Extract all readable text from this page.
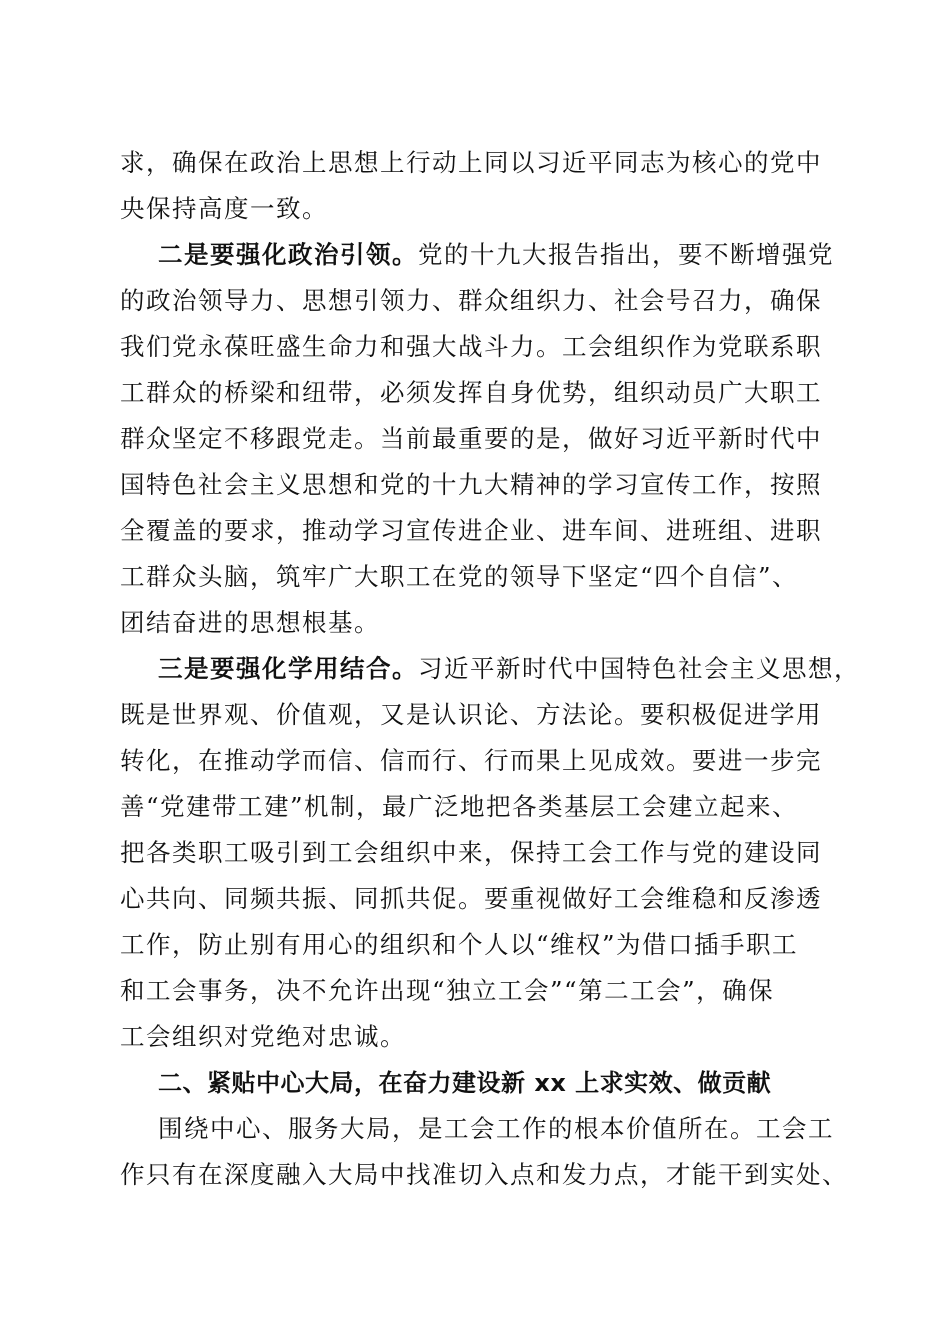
求，确保在政治上思想上行动上同以习近平同志为核心的党中
央保持高度一致。
二是要强化政治引领。党的十九大报告指出，要不断增强党
的政治领导力、思想引领力、群众组织力、社会号召力，确保
我们党永葆旺盛生命力和强大战斗力。工会组织作为党联系职
工群众的桥梁和纽带，必须发挥自身优势，组织动员广大职工
群众坚定不移跟党走。当前最重要的是，做好习近平新时代中
国特色社会主义思想和党的十九大精神的学习宣传工作，按照
全覆盖的要求，推动学习宣传进企业、进车间、进班组、进职
工群众头脑，筑牢广大职工在党的领导下坚定“四个自信”、
团结奋进的思想根基。
三是要强化学用结合。习近平新时代中国特色社会主义思想，
既是世界观、价值观，又是认识论、方法论。要积极促进学用
转化，在推动学而信、信而行、行而果上见成效。要进一步完
善“党建带工建”机制，最广泛地把各类基层工会建立起来、
把各类职工吸引到工会组织中来，保持工会工作与党的建设同
心共向、同频共振、同抓共促。要重视做好工会维稳和反渗透
工作，防止别有用心的组织和个人以“维权”为借口插手职工
和工会事务，决不允许出现“独立工会”“第二工会”，确保
工会组织对党绝对忠诚。
二、紧贴中心大局，在奋力建设新 xx 上求实效、做贡献
围绕中心、服务大局，是工会工作的根本价值所在。工会工
作只有在深度融入大局中找准切入点和发力点，才能干到实处、
